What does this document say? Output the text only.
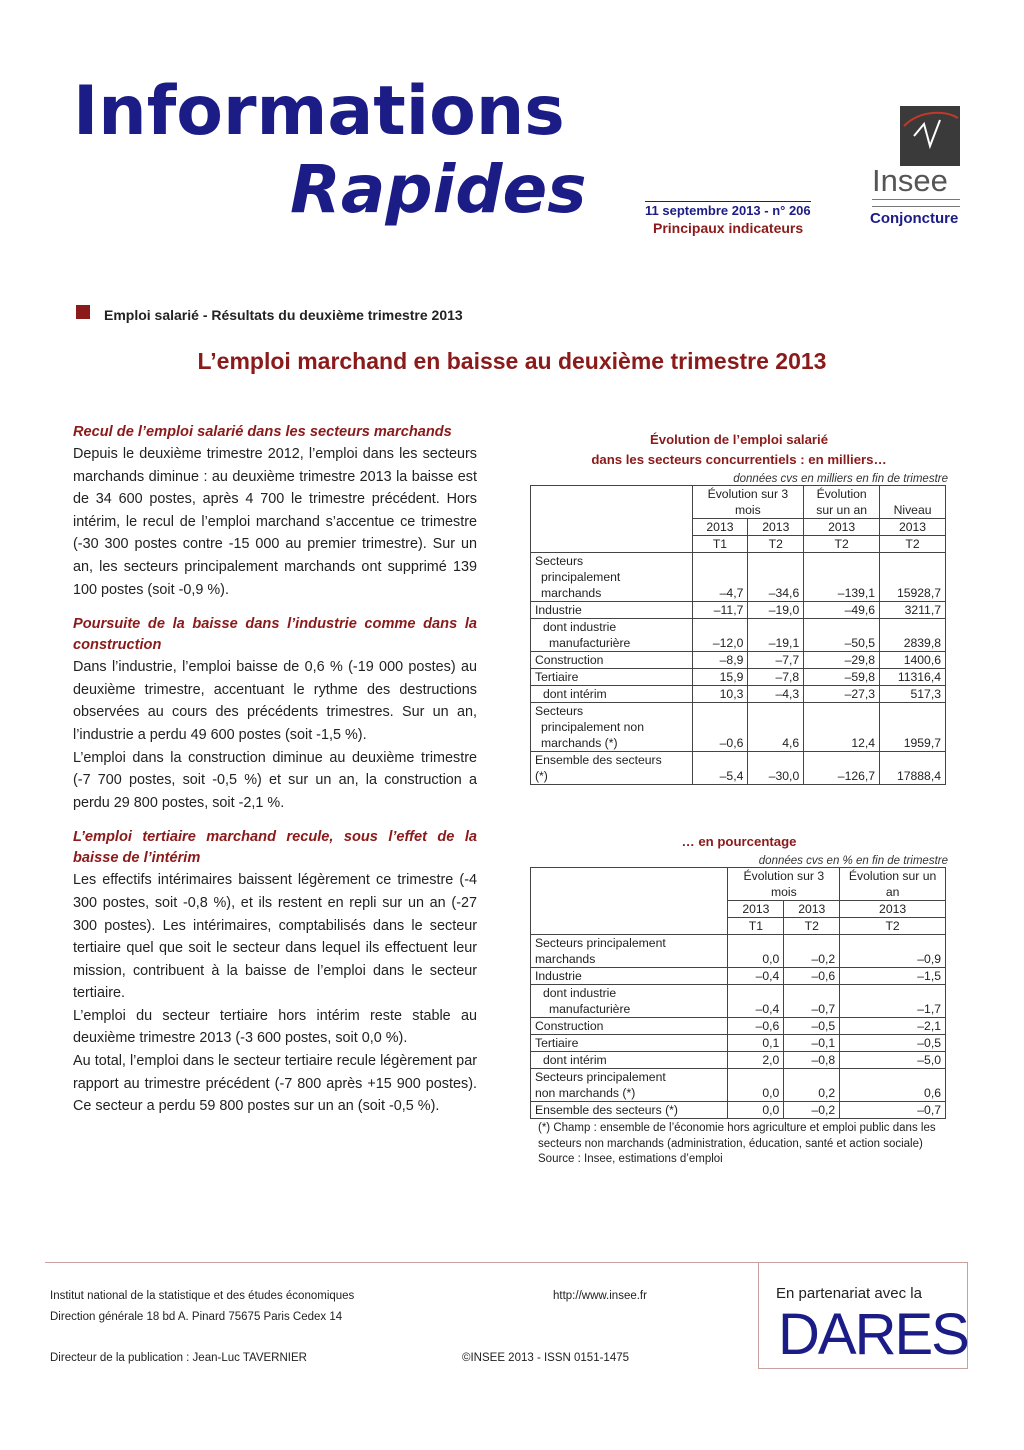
Informations
Rapides	11 septembre 2013 - n° 206
Principaux indicateurs
Insee
Conjoncture
Emploi salarié - Résultats du deuxième trimestre 2013
L’emploi marchand en baisse au deuxième trimestre 2013
Recul de l’emploi salarié dans les secteurs marchands

Depuis le deuxième trimestre 2012, l’emploi dans les secteurs marchands diminue : au deuxième trimestre 2013 la baisse est de 34 600 postes, après 4 700 le trimestre précédent. Hors intérim, le recul de l’emploi marchand s’accentue ce trimestre (-30 300 postes contre -15 000 au premier trimestre). Sur un an, les secteurs principalement marchands ont supprimé 139 100 postes (soit -0,9 %).

Poursuite de la baisse dans l’industrie comme dans la construction

Dans l’industrie, l’emploi baisse de 0,6 % (-19 000 postes) au deuxième trimestre, accentuant le rythme des destructions observées au cours des précédents trimestres. Sur un an, l’industrie a perdu 49 600 postes (soit -1,5 %).

L’emploi dans la construction diminue au deuxième trimestre (-7 700 postes, soit -0,5 %) et sur un an, la construction a perdu 29 800 postes, soit -2,1 %.

L’emploi tertiaire marchand recule, sous l’effet de la baisse de l’intérim

Les effectifs intérimaires baissent légèrement ce trimestre (-4 300 postes, soit -0,8 %), et ils restent en repli sur un an (-27 300 postes). Les intérimaires, comptabilisés dans le secteur tertiaire quel que soit le secteur dans lequel ils effectuent leur mission, contribuent à la baisse de l’emploi dans le secteur tertiaire.

L’emploi du secteur tertiaire hors intérim reste stable au deuxième trimestre 2013 (-3 600 postes, soit 0,0 %).

Au total, l’emploi dans le secteur tertiaire recule légèrement par rapport au trimestre précédent (-7 800 après +15 900 postes). Ce secteur a perdu 59 800 postes sur un an (soit -0,5 %).

Évolution de l’emploi salarié
dans les secteurs concurrentiels : en milliers…
données cvs en milliers en fin de trimestre
	Évolution sur 3 mois		Évolution sur un an	Niveau
	2013	2013	2013	2013
	T1	T2	T2	T2

Secteurs
principalement
marchands	–4,7	–34,6	–139,1	15928,7

Industrie	–11,7	–19,0	–49,6	3211,7

dont industrie
manufacturière	–12,0	–19,1	–50,5	2839,8

Construction	–8,9	–7,7	–29,8	1400,6

Tertiaire	15,9	–7,8	–59,8	11316,4

dont intérim	10,3	–4,3	–27,3	517,3

Secteurs
principalement non
marchands (*)	–0,6	4,6	12,4	1959,7

Ensemble des secteurs
(*)	–5,4	–30,0	–126,7	17888,4
… en pourcentage
données cvs en % en fin de trimestre
	Évolution sur 3 mois		Évolution sur un an
	2013	2013	2013
	T1	T2	T2

Secteurs principalement
marchands	0,0	–0,2	–0,9

Industrie	–0,4	–0,6	–1,5

dont industrie
manufacturière	–0,4	–0,7	–1,7

Construction	–0,6	–0,5	–2,1

Tertiaire	0,1	–0,1	–0,5

dont intérim	2,0	–0,8	–5,0

Secteurs principalement
non marchands (*)	0,0	0,2	0,6

Ensemble des secteurs (*)	0,0	–0,2	–0,7
(*) Champ : ensemble de l’économie hors agriculture et emploi public dans les secteurs non marchands (administration, éducation, santé et action sociale)
Source : Insee, estimations d’emploi
Institut national de la statistique et des études économiques
Direction générale 18 bd A. Pinard 75675 Paris Cedex 14
http://www.insee.fr
Directeur de la publication : Jean-Luc TAVERNIER	©INSEE 2013 - ISSN 0151-1475
En partenariat avec la
DARES
